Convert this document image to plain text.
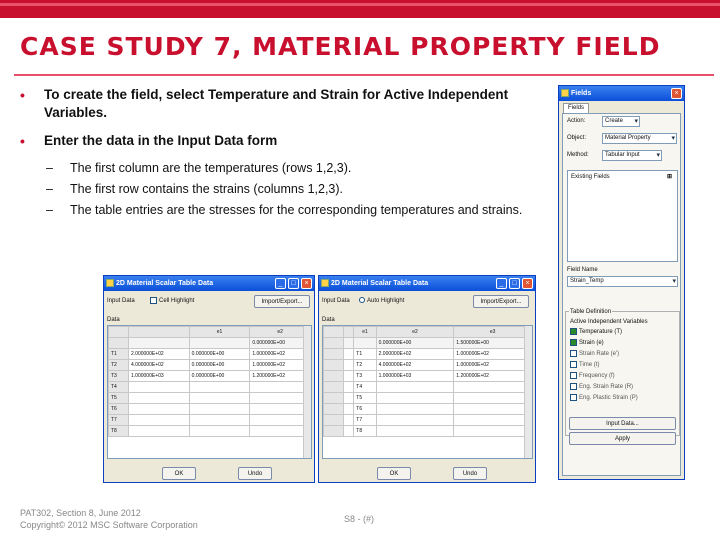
CASE STUDY 7, MATERIAL PROPERTY FIELD
• To create the field, select Temperature and Strain for Active Independent Variables.
• Enter the data in the Input Data form
– The first column are the temperatures (rows 1,2,3).
– The first row contains the strains (columns 1,2,3).
– The table entries are the stresses for the corresponding temperatures and strains.
2D Material Scalar Table Data	_	□	×
Input Data	Cell Highlight	Import/Export...
Data
		e1	e2
			0.000000E+00
T1	2.000000E+02	0.000000E+00	1.000000E+02
T2	4.000000E+02	0.000000E+00	1.000000E+02
T3	1.000000E+03	0.000000E+00	1.200000E+02
T4			
T5			
T6			
T7			
T8			
OK	Undo
2D Material Scalar Table Data	_	□	×
Input Data	Auto Highlight	Import/Export...
Data
		e1	e2	e3
			0.000000E+00	1.500000E+00
		T1	2.000000E+02	1.000000E+02
		T2	4.000000E+02	1.000000E+02
		T3	1.000000E+03	1.200000E+02
		T4		
		T5		
		T6		
		T7		
		T8		
OK	Undo
Fields	×
Fields
Action:	Create ▾
Object:	Material Property ▾
Method:	Tabular Input ▾
Existing Fields	⊞
Field Name
Strain_Temp ▾
Table Definition
Active Independent Variables
Temperature (T)
Strain (e)
Strain Rate (e')
Time (t)
Frequency (f)
Eng. Strain Rate (R)
Eng. Plastic Strain (P)
Input Data...
Apply
PAT302, Section 8, June 2012
Copyright© 2012 MSC Software Corporation
S8 - (#)
